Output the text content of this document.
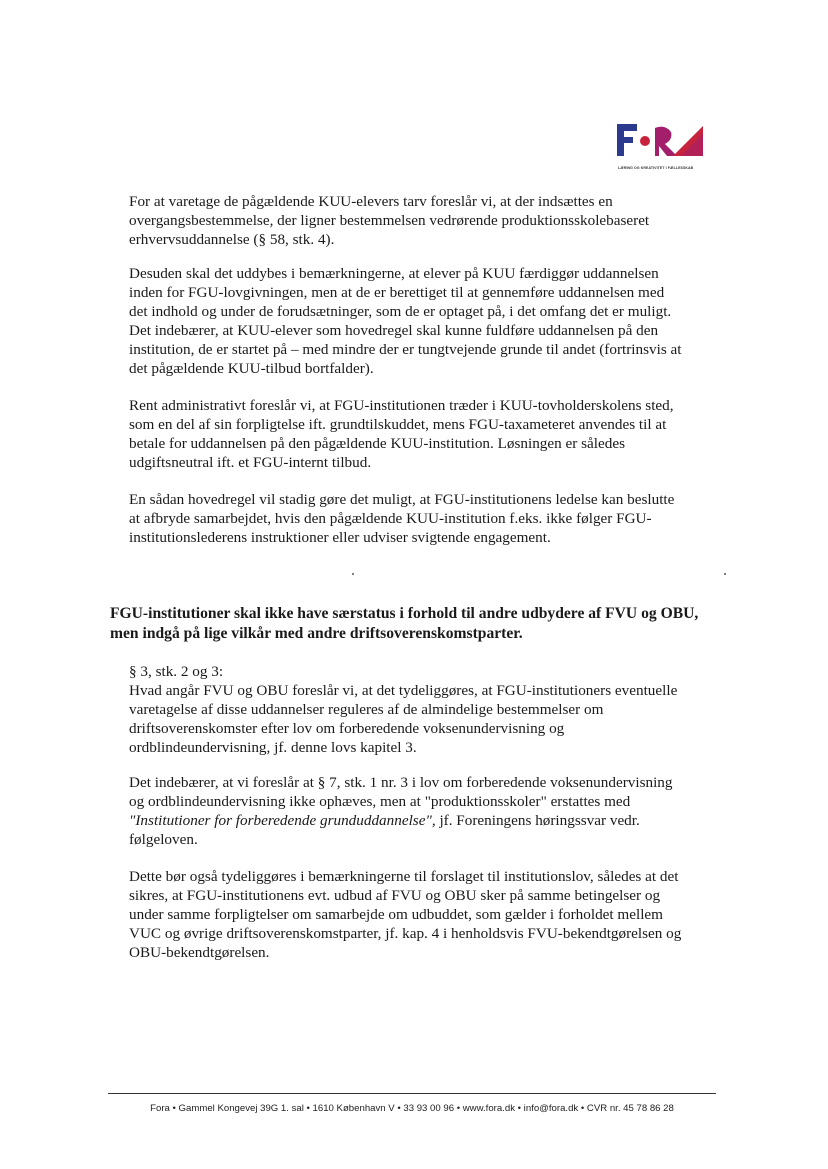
LÆRING OG KREATIVITET I FÆLLESSKAB

For at varetage de pågældende KUU-elevers tarv foreslår vi, at der indsættes en
overgangsbestemmelse, der ligner bestemmelsen vedrørende produktionsskolebaseret
erhvervsuddannelse (§ 58, stk. 4).

Desuden skal det uddybes i bemærkningerne, at elever på KUU færdiggør uddannelsen
inden for FGU-lovgivningen, men at de er berettiget til at gennemføre uddannelsen med
det indhold og under de forudsætninger, som de er optaget på, i det omfang det er muligt.
Det indebærer, at KUU-elever som hovedregel skal kunne fuldføre uddannelsen på den
institution, de er startet på – med mindre der er tungtvejende grunde til andet (fortrinsvis at
det pågældende KUU-tilbud bortfalder).

Rent administrativt foreslår vi, at FGU-institutionen træder i KUU-tovholderskolens sted,
som en del af sin forpligtelse ift. grundtilskuddet, mens FGU-taxameteret anvendes til at
betale for uddannelsen på den pågældende KUU-institution. Løsningen er således
udgiftsneutral ift. et FGU-internt tilbud.

En sådan hovedregel vil stadig gøre det muligt, at FGU-institutionens ledelse kan beslutte
at afbryde samarbejdet, hvis den pågældende KUU-institution f.eks. ikke følger FGU-
institutionslederens instruktioner eller udviser svigtende engagement.

FGU-institutioner skal ikke have særstatus i forhold til andre udbydere af FVU og OBU,
men indgå på lige vilkår med andre driftsoverenskomstparter.

§ 3, stk. 2 og 3:

Hvad angår FVU og OBU foreslår vi, at det tydeliggøres, at FGU-institutioners eventuelle
varetagelse af disse uddannelser reguleres af de almindelige bestemmelser om
driftsoverenskomster efter lov om forberedende voksenundervisning og
ordblindeundervisning, jf. denne lovs kapitel 3.

Det indebærer, at vi foreslår at § 7, stk. 1 nr. 3 i lov om forberedende voksenundervisning
og ordblindeundervisning ikke ophæves, men at "produktionsskoler" erstattes med
"Institutioner for forberedende grunduddannelse", jf. Foreningens høringssvar vedr.
følgeloven.

Dette bør også tydeliggøres i bemærkningerne til forslaget til institutionslov, således at det
sikres, at FGU-institutionens evt. udbud af FVU og OBU sker på samme betingelser og
under samme forpligtelser om samarbejde om udbuddet, som gælder i forholdet mellem
VUC og øvrige driftsoverenskomstparter, jf. kap. 4 i henholdsvis FVU-bekendtgørelsen og
OBU-bekendtgørelsen.

Fora • Gammel Kongevej 39G 1. sal • 1610 København V • 33 93 00 96 • www.fora.dk • info@fora.dk • CVR nr. 45 78 86 28
